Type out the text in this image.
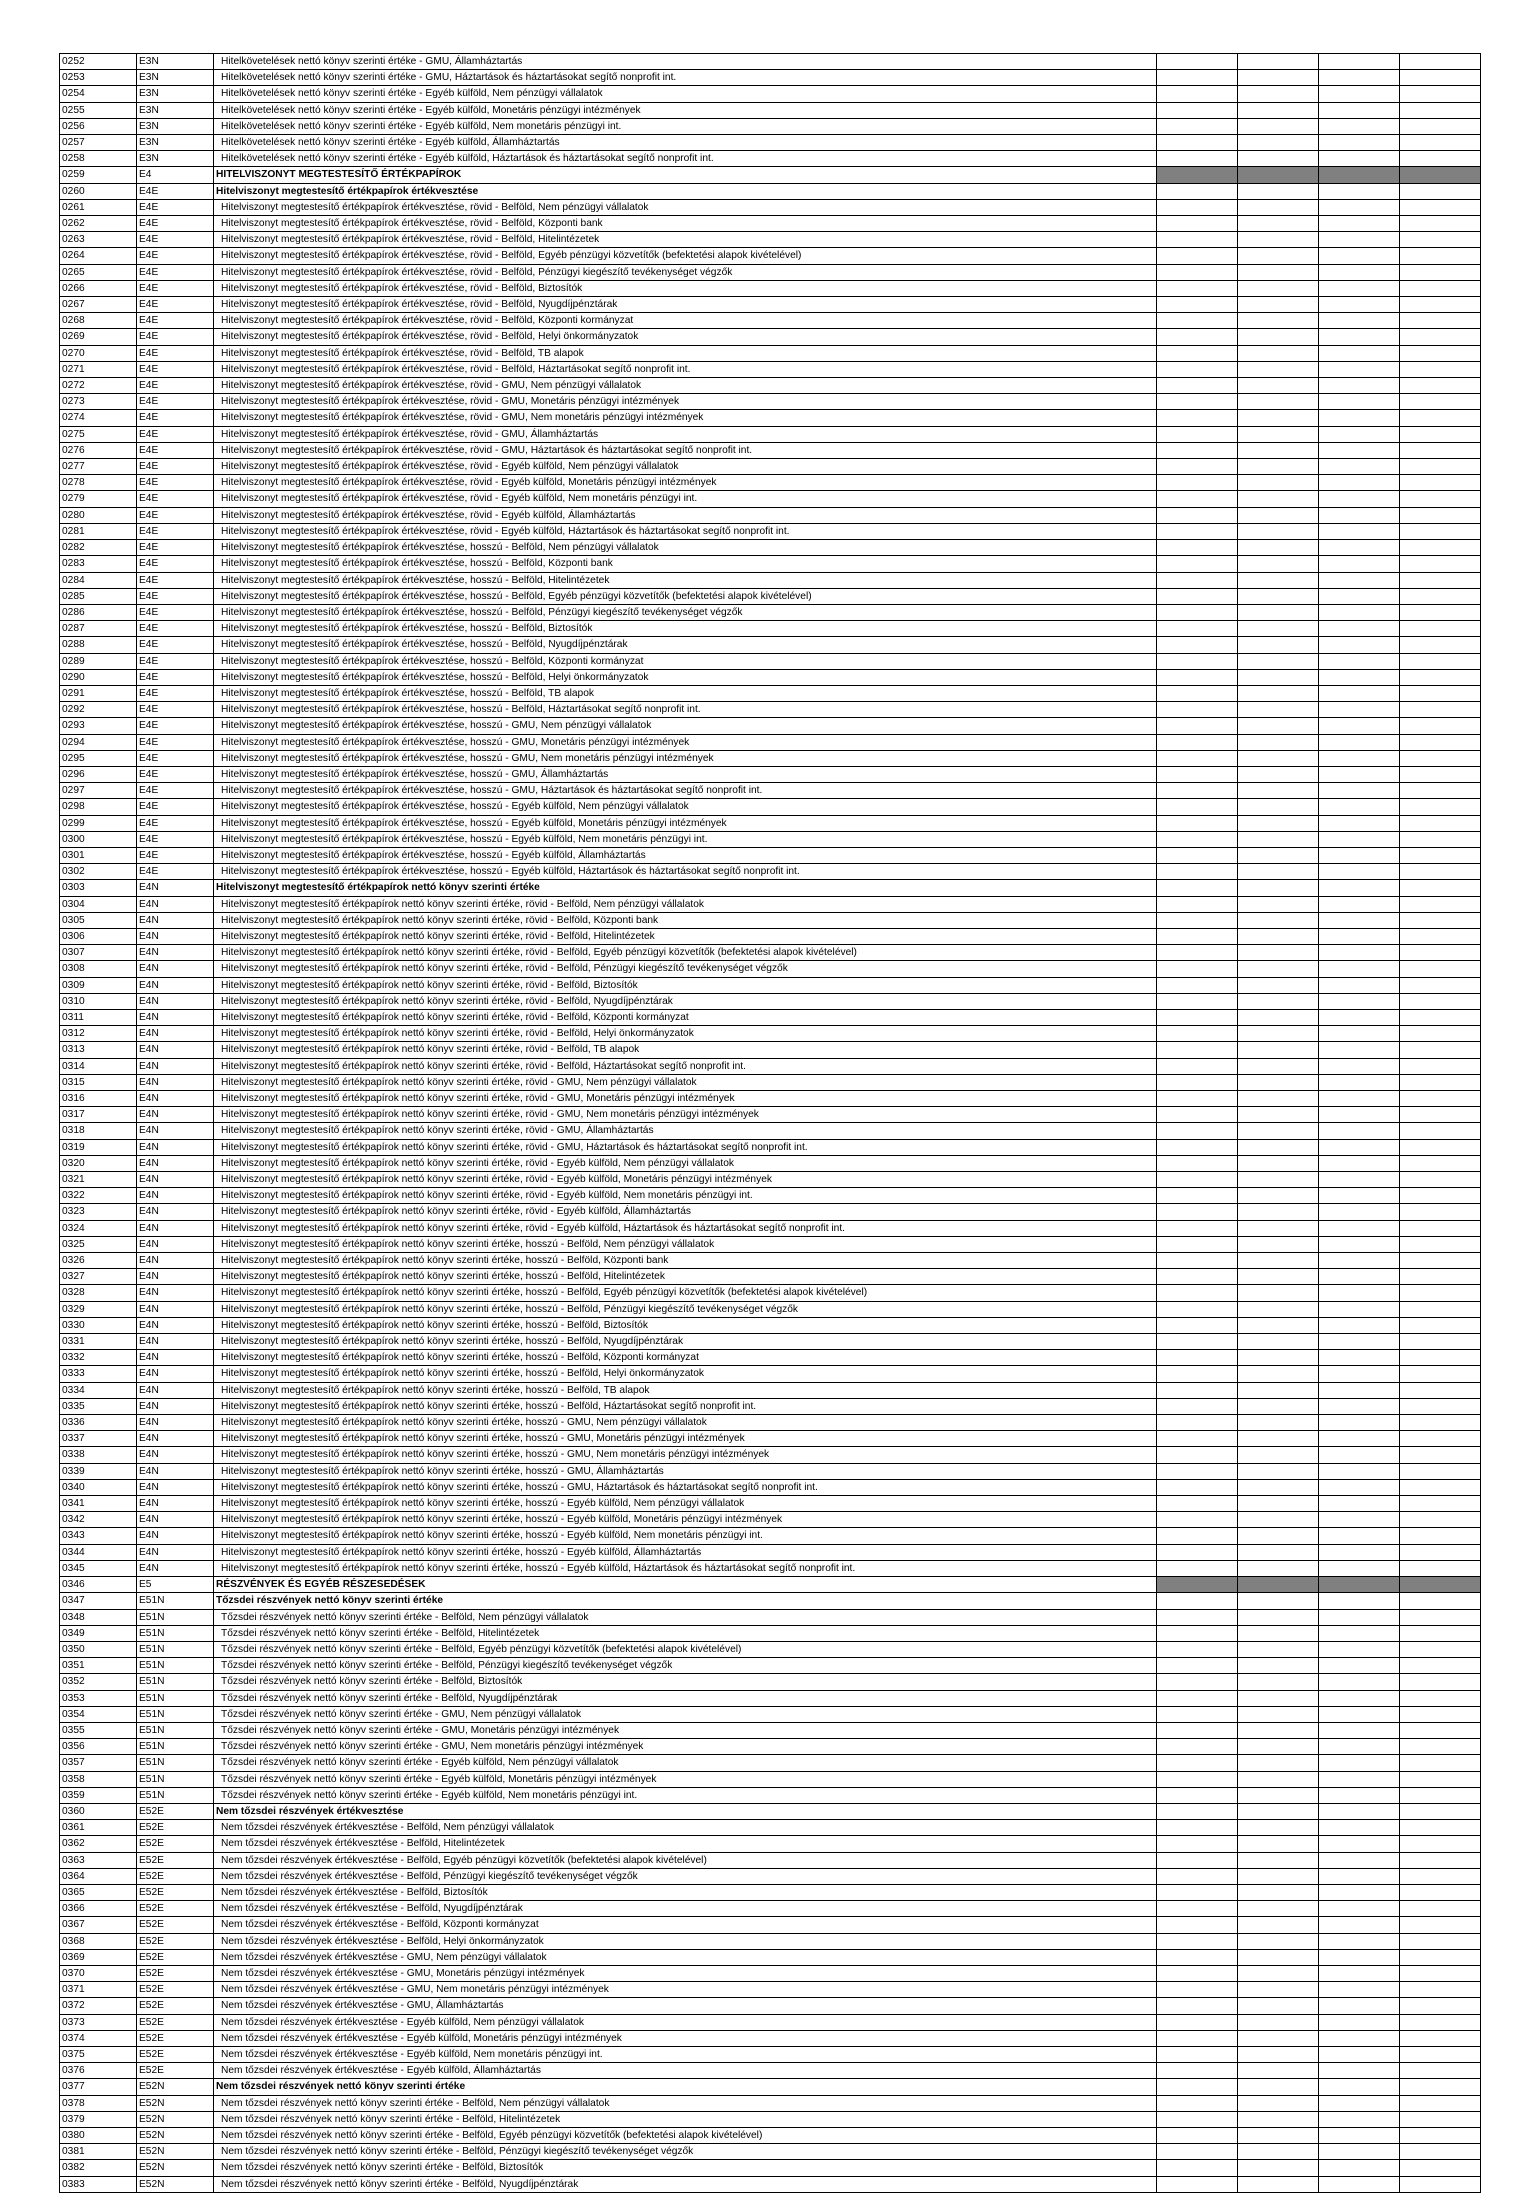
0252	E3N	Hitelkövetelések nettó könyv szerinti értéke - GMU, Államháztartás				
0253	E3N	Hitelkövetelések nettó könyv szerinti értéke - GMU, Háztartások és háztartásokat segítő nonprofit int.				
0254	E3N	Hitelkövetelések nettó könyv szerinti értéke - Egyéb külföld, Nem pénzügyi vállalatok				
0255	E3N	Hitelkövetelések nettó könyv szerinti értéke - Egyéb külföld, Monetáris pénzügyi intézmények				
0256	E3N	Hitelkövetelések nettó könyv szerinti értéke - Egyéb külföld, Nem monetáris pénzügyi int.				
0257	E3N	Hitelkövetelések nettó könyv szerinti értéke - Egyéb külföld, Államháztartás				
0258	E3N	Hitelkövetelések nettó könyv szerinti értéke - Egyéb külföld, Háztartások és háztartásokat segítő nonprofit int.				
0259	E4	HITELVISZONYT MEGTESTESÍTŐ ÉRTÉKPAPÍROK				
0260	E4E	Hitelviszonyt megtestesítő értékpapírok értékvesztése				
0261	E4E	Hitelviszonyt megtestesítő értékpapírok értékvesztése, rövid - Belföld, Nem pénzügyi vállalatok				
0262	E4E	Hitelviszonyt megtestesítő értékpapírok értékvesztése, rövid - Belföld, Központi bank				
0263	E4E	Hitelviszonyt megtestesítő értékpapírok értékvesztése, rövid - Belföld, Hitelintézetek				
0264	E4E	Hitelviszonyt megtestesítő értékpapírok értékvesztése, rövid - Belföld, Egyéb pénzügyi közvetítők (befektetési alapok kivételével)				
0265	E4E	Hitelviszonyt megtestesítő értékpapírok értékvesztése, rövid - Belföld, Pénzügyi kiegészítő tevékenységet végzők				
0266	E4E	Hitelviszonyt megtestesítő értékpapírok értékvesztése, rövid - Belföld, Biztosítók				
0267	E4E	Hitelviszonyt megtestesítő értékpapírok értékvesztése, rövid - Belföld, Nyugdíjpénztárak				
0268	E4E	Hitelviszonyt megtestesítő értékpapírok értékvesztése, rövid - Belföld, Központi kormányzat				
0269	E4E	Hitelviszonyt megtestesítő értékpapírok értékvesztése, rövid - Belföld, Helyi önkormányzatok				
0270	E4E	Hitelviszonyt megtestesítő értékpapírok értékvesztése, rövid - Belföld, TB alapok				
0271	E4E	Hitelviszonyt megtestesítő értékpapírok értékvesztése, rövid - Belföld, Háztartásokat segítő nonprofit int.				
0272	E4E	Hitelviszonyt megtestesítő értékpapírok értékvesztése, rövid - GMU, Nem pénzügyi vállalatok				
0273	E4E	Hitelviszonyt megtestesítő értékpapírok értékvesztése, rövid - GMU, Monetáris pénzügyi intézmények				
0274	E4E	Hitelviszonyt megtestesítő értékpapírok értékvesztése, rövid - GMU, Nem monetáris pénzügyi intézmények				
0275	E4E	Hitelviszonyt megtestesítő értékpapírok értékvesztése, rövid - GMU, Államháztartás				
0276	E4E	Hitelviszonyt megtestesítő értékpapírok értékvesztése, rövid - GMU, Háztartások és háztartásokat segítő nonprofit int.				
0277	E4E	Hitelviszonyt megtestesítő értékpapírok értékvesztése, rövid - Egyéb külföld, Nem pénzügyi vállalatok				
0278	E4E	Hitelviszonyt megtestesítő értékpapírok értékvesztése, rövid - Egyéb külföld, Monetáris pénzügyi intézmények				
0279	E4E	Hitelviszonyt megtestesítő értékpapírok értékvesztése, rövid - Egyéb külföld, Nem monetáris pénzügyi int.				
0280	E4E	Hitelviszonyt megtestesítő értékpapírok értékvesztése, rövid - Egyéb külföld, Államháztartás				
0281	E4E	Hitelviszonyt megtestesítő értékpapírok értékvesztése, rövid - Egyéb külföld, Háztartások és háztartásokat segítő nonprofit int.				
0282	E4E	Hitelviszonyt megtestesítő értékpapírok értékvesztése, hosszú - Belföld, Nem pénzügyi vállalatok				
0283	E4E	Hitelviszonyt megtestesítő értékpapírok értékvesztése, hosszú - Belföld, Központi bank				
0284	E4E	Hitelviszonyt megtestesítő értékpapírok értékvesztése, hosszú - Belföld, Hitelintézetek				
0285	E4E	Hitelviszonyt megtestesítő értékpapírok értékvesztése, hosszú - Belföld, Egyéb pénzügyi közvetítők (befektetési alapok kivételével)				
0286	E4E	Hitelviszonyt megtestesítő értékpapírok értékvesztése, hosszú - Belföld, Pénzügyi kiegészítő tevékenységet végzők				
0287	E4E	Hitelviszonyt megtestesítő értékpapírok értékvesztése, hosszú - Belföld, Biztosítók				
0288	E4E	Hitelviszonyt megtestesítő értékpapírok értékvesztése, hosszú - Belföld, Nyugdíjpénztárak				
0289	E4E	Hitelviszonyt megtestesítő értékpapírok értékvesztése, hosszú - Belföld, Központi kormányzat				
0290	E4E	Hitelviszonyt megtestesítő értékpapírok értékvesztése, hosszú - Belföld, Helyi önkormányzatok				
0291	E4E	Hitelviszonyt megtestesítő értékpapírok értékvesztése, hosszú - Belföld, TB alapok				
0292	E4E	Hitelviszonyt megtestesítő értékpapírok értékvesztése, hosszú - Belföld, Háztartásokat segítő nonprofit int.				
0293	E4E	Hitelviszonyt megtestesítő értékpapírok értékvesztése, hosszú - GMU, Nem pénzügyi vállalatok				
0294	E4E	Hitelviszonyt megtestesítő értékpapírok értékvesztése, hosszú - GMU, Monetáris pénzügyi intézmények				
0295	E4E	Hitelviszonyt megtestesítő értékpapírok értékvesztése, hosszú - GMU, Nem monetáris pénzügyi intézmények				
0296	E4E	Hitelviszonyt megtestesítő értékpapírok értékvesztése, hosszú - GMU, Államháztartás				
0297	E4E	Hitelviszonyt megtestesítő értékpapírok értékvesztése, hosszú - GMU, Háztartások és háztartásokat segítő nonprofit int.				
0298	E4E	Hitelviszonyt megtestesítő értékpapírok értékvesztése, hosszú - Egyéb külföld, Nem pénzügyi vállalatok				
0299	E4E	Hitelviszonyt megtestesítő értékpapírok értékvesztése, hosszú - Egyéb külföld, Monetáris pénzügyi intézmények				
0300	E4E	Hitelviszonyt megtestesítő értékpapírok értékvesztése, hosszú - Egyéb külföld, Nem monetáris pénzügyi int.				
0301	E4E	Hitelviszonyt megtestesítő értékpapírok értékvesztése, hosszú - Egyéb külföld, Államháztartás				
0302	E4E	Hitelviszonyt megtestesítő értékpapírok értékvesztése, hosszú - Egyéb külföld, Háztartások és háztartásokat segítő nonprofit int.				
0303	E4N	Hitelviszonyt megtestesítő értékpapírok nettó könyv szerinti értéke				
0304	E4N	Hitelviszonyt megtestesítő értékpapírok nettó könyv szerinti értéke, rövid - Belföld, Nem pénzügyi vállalatok				
0305	E4N	Hitelviszonyt megtestesítő értékpapírok nettó könyv szerinti értéke, rövid - Belföld, Központi bank				
0306	E4N	Hitelviszonyt megtestesítő értékpapírok nettó könyv szerinti értéke, rövid - Belföld, Hitelintézetek				
0307	E4N	Hitelviszonyt megtestesítő értékpapírok nettó könyv szerinti értéke, rövid - Belföld, Egyéb pénzügyi közvetítők (befektetési alapok kivételével)				
0308	E4N	Hitelviszonyt megtestesítő értékpapírok nettó könyv szerinti értéke, rövid - Belföld, Pénzügyi kiegészítő tevékenységet végzők				
0309	E4N	Hitelviszonyt megtestesítő értékpapírok nettó könyv szerinti értéke, rövid - Belföld, Biztosítók				
0310	E4N	Hitelviszonyt megtestesítő értékpapírok nettó könyv szerinti értéke, rövid - Belföld, Nyugdíjpénztárak				
0311	E4N	Hitelviszonyt megtestesítő értékpapírok nettó könyv szerinti értéke, rövid - Belföld, Központi kormányzat				
0312	E4N	Hitelviszonyt megtestesítő értékpapírok nettó könyv szerinti értéke, rövid - Belföld, Helyi önkormányzatok				
0313	E4N	Hitelviszonyt megtestesítő értékpapírok nettó könyv szerinti értéke, rövid - Belföld, TB alapok				
0314	E4N	Hitelviszonyt megtestesítő értékpapírok nettó könyv szerinti értéke, rövid - Belföld, Háztartásokat segítő nonprofit int.				
0315	E4N	Hitelviszonyt megtestesítő értékpapírok nettó könyv szerinti értéke, rövid - GMU, Nem pénzügyi vállalatok				
0316	E4N	Hitelviszonyt megtestesítő értékpapírok nettó könyv szerinti értéke, rövid - GMU, Monetáris pénzügyi intézmények				
0317	E4N	Hitelviszonyt megtestesítő értékpapírok nettó könyv szerinti értéke, rövid - GMU, Nem monetáris pénzügyi intézmények				
0318	E4N	Hitelviszonyt megtestesítő értékpapírok nettó könyv szerinti értéke, rövid - GMU, Államháztartás				
0319	E4N	Hitelviszonyt megtestesítő értékpapírok nettó könyv szerinti értéke, rövid - GMU, Háztartások és háztartásokat segítő nonprofit int.				
0320	E4N	Hitelviszonyt megtestesítő értékpapírok nettó könyv szerinti értéke, rövid - Egyéb külföld, Nem pénzügyi vállalatok				
0321	E4N	Hitelviszonyt megtestesítő értékpapírok nettó könyv szerinti értéke, rövid - Egyéb külföld, Monetáris pénzügyi intézmények				
0322	E4N	Hitelviszonyt megtestesítő értékpapírok nettó könyv szerinti értéke, rövid - Egyéb külföld, Nem monetáris pénzügyi int.				
0323	E4N	Hitelviszonyt megtestesítő értékpapírok nettó könyv szerinti értéke, rövid - Egyéb külföld, Államháztartás				
0324	E4N	Hitelviszonyt megtestesítő értékpapírok nettó könyv szerinti értéke, rövid - Egyéb külföld, Háztartások és háztartásokat segítő nonprofit int.				
0325	E4N	Hitelviszonyt megtestesítő értékpapírok nettó könyv szerinti értéke, hosszú - Belföld, Nem pénzügyi vállalatok				
0326	E4N	Hitelviszonyt megtestesítő értékpapírok nettó könyv szerinti értéke, hosszú - Belföld, Központi bank				
0327	E4N	Hitelviszonyt megtestesítő értékpapírok nettó könyv szerinti értéke, hosszú - Belföld, Hitelintézetek				
0328	E4N	Hitelviszonyt megtestesítő értékpapírok nettó könyv szerinti értéke, hosszú - Belföld, Egyéb pénzügyi közvetítők (befektetési alapok kivételével)				
0329	E4N	Hitelviszonyt megtestesítő értékpapírok nettó könyv szerinti értéke, hosszú - Belföld, Pénzügyi kiegészítő tevékenységet végzők				
0330	E4N	Hitelviszonyt megtestesítő értékpapírok nettó könyv szerinti értéke, hosszú - Belföld, Biztosítók				
0331	E4N	Hitelviszonyt megtestesítő értékpapírok nettó könyv szerinti értéke, hosszú - Belföld, Nyugdíjpénztárak				
0332	E4N	Hitelviszonyt megtestesítő értékpapírok nettó könyv szerinti értéke, hosszú - Belföld, Központi kormányzat				
0333	E4N	Hitelviszonyt megtestesítő értékpapírok nettó könyv szerinti értéke, hosszú - Belföld, Helyi önkormányzatok				
0334	E4N	Hitelviszonyt megtestesítő értékpapírok nettó könyv szerinti értéke, hosszú - Belföld, TB alapok				
0335	E4N	Hitelviszonyt megtestesítő értékpapírok nettó könyv szerinti értéke, hosszú - Belföld, Háztartásokat segítő nonprofit int.				
0336	E4N	Hitelviszonyt megtestesítő értékpapírok nettó könyv szerinti értéke, hosszú - GMU, Nem pénzügyi vállalatok				
0337	E4N	Hitelviszonyt megtestesítő értékpapírok nettó könyv szerinti értéke, hosszú - GMU, Monetáris pénzügyi intézmények				
0338	E4N	Hitelviszonyt megtestesítő értékpapírok nettó könyv szerinti értéke, hosszú - GMU, Nem monetáris pénzügyi intézmények				
0339	E4N	Hitelviszonyt megtestesítő értékpapírok nettó könyv szerinti értéke, hosszú - GMU, Államháztartás				
0340	E4N	Hitelviszonyt megtestesítő értékpapírok nettó könyv szerinti értéke, hosszú - GMU, Háztartások és háztartásokat segítő nonprofit int.				
0341	E4N	Hitelviszonyt megtestesítő értékpapírok nettó könyv szerinti értéke, hosszú - Egyéb külföld, Nem pénzügyi vállalatok				
0342	E4N	Hitelviszonyt megtestesítő értékpapírok nettó könyv szerinti értéke, hosszú - Egyéb külföld, Monetáris pénzügyi intézmények				
0343	E4N	Hitelviszonyt megtestesítő értékpapírok nettó könyv szerinti értéke, hosszú - Egyéb külföld, Nem monetáris pénzügyi int.				
0344	E4N	Hitelviszonyt megtestesítő értékpapírok nettó könyv szerinti értéke, hosszú - Egyéb külföld, Államháztartás				
0345	E4N	Hitelviszonyt megtestesítő értékpapírok nettó könyv szerinti értéke, hosszú - Egyéb külföld, Háztartások és háztartásokat segítő nonprofit int.				
0346	E5	RÉSZVÉNYEK ÉS EGYÉB RÉSZESEDÉSEK				
0347	E51N	Tőzsdei részvények nettó könyv szerinti értéke				
0348	E51N	Tőzsdei részvények nettó könyv szerinti értéke - Belföld, Nem pénzügyi vállalatok				
0349	E51N	Tőzsdei részvények nettó könyv szerinti értéke - Belföld, Hitelintézetek				
0350	E51N	Tőzsdei részvények nettó könyv szerinti értéke - Belföld, Egyéb pénzügyi közvetítők (befektetési alapok kivételével)				
0351	E51N	Tőzsdei részvények nettó könyv szerinti értéke - Belföld, Pénzügyi kiegészítő tevékenységet végzők				
0352	E51N	Tőzsdei részvények nettó könyv szerinti értéke - Belföld, Biztosítók				
0353	E51N	Tőzsdei részvények nettó könyv szerinti értéke - Belföld, Nyugdíjpénztárak				
0354	E51N	Tőzsdei részvények nettó könyv szerinti értéke - GMU, Nem pénzügyi vállalatok				
0355	E51N	Tőzsdei részvények nettó könyv szerinti értéke - GMU, Monetáris pénzügyi intézmények				
0356	E51N	Tőzsdei részvények nettó könyv szerinti értéke - GMU, Nem monetáris pénzügyi intézmények				
0357	E51N	Tőzsdei részvények nettó könyv szerinti értéke - Egyéb külföld, Nem pénzügyi vállalatok				
0358	E51N	Tőzsdei részvények nettó könyv szerinti értéke - Egyéb külföld, Monetáris pénzügyi intézmények				
0359	E51N	Tőzsdei részvények nettó könyv szerinti értéke - Egyéb külföld, Nem monetáris pénzügyi int.				
0360	E52E	Nem tőzsdei részvények értékvesztése				
0361	E52E	Nem tőzsdei részvények értékvesztése - Belföld, Nem pénzügyi vállalatok				
0362	E52E	Nem tőzsdei részvények értékvesztése - Belföld, Hitelintézetek				
0363	E52E	Nem tőzsdei részvények értékvesztése - Belföld, Egyéb pénzügyi közvetítők (befektetési alapok kivételével)				
0364	E52E	Nem tőzsdei részvények értékvesztése - Belföld, Pénzügyi kiegészítő tevékenységet végzők				
0365	E52E	Nem tőzsdei részvények értékvesztése - Belföld, Biztosítók				
0366	E52E	Nem tőzsdei részvények értékvesztése - Belföld, Nyugdíjpénztárak				
0367	E52E	Nem tőzsdei részvények értékvesztése - Belföld, Központi kormányzat				
0368	E52E	Nem tőzsdei részvények értékvesztése - Belföld, Helyi önkormányzatok				
0369	E52E	Nem tőzsdei részvények értékvesztése - GMU, Nem pénzügyi vállalatok				
0370	E52E	Nem tőzsdei részvények értékvesztése - GMU, Monetáris pénzügyi intézmények				
0371	E52E	Nem tőzsdei részvények értékvesztése - GMU, Nem monetáris pénzügyi intézmények				
0372	E52E	Nem tőzsdei részvények értékvesztése - GMU, Államháztartás				
0373	E52E	Nem tőzsdei részvények értékvesztése - Egyéb külföld, Nem pénzügyi vállalatok				
0374	E52E	Nem tőzsdei részvények értékvesztése - Egyéb külföld, Monetáris pénzügyi intézmények				
0375	E52E	Nem tőzsdei részvények értékvesztése - Egyéb külföld, Nem monetáris pénzügyi int.				
0376	E52E	Nem tőzsdei részvények értékvesztése - Egyéb külföld, Államháztartás				
0377	E52N	Nem tőzsdei részvények nettó könyv szerinti értéke				
0378	E52N	Nem tőzsdei részvények nettó könyv szerinti értéke - Belföld, Nem pénzügyi vállalatok				
0379	E52N	Nem tőzsdei részvények nettó könyv szerinti értéke - Belföld, Hitelintézetek				
0380	E52N	Nem tőzsdei részvények nettó könyv szerinti értéke - Belföld, Egyéb pénzügyi közvetítők (befektetési alapok kivételével)				
0381	E52N	Nem tőzsdei részvények nettó könyv szerinti értéke - Belföld, Pénzügyi kiegészítő tevékenységet végzők				
0382	E52N	Nem tőzsdei részvények nettó könyv szerinti értéke - Belföld, Biztosítók				
0383	E52N	Nem tőzsdei részvények nettó könyv szerinti értéke - Belföld, Nyugdíjpénztárak				
